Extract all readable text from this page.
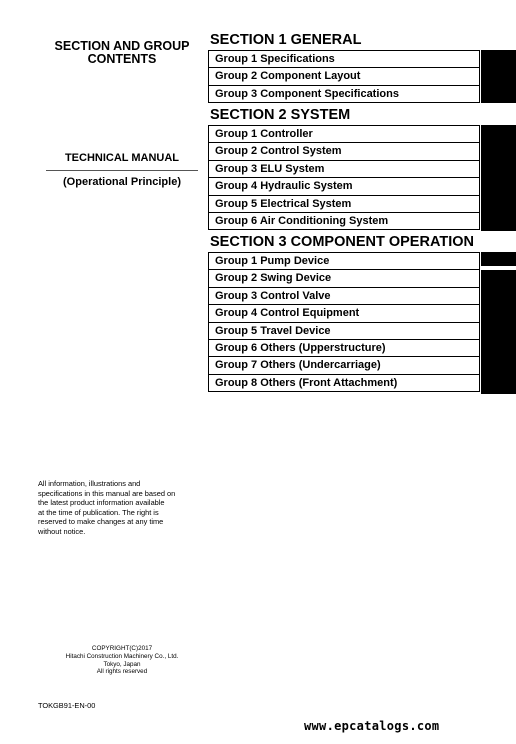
SECTION AND GROUP
CONTENTS
TECHNICAL MANUAL
(Operational Principle)
SECTION 1 GENERAL
Group 1 Specifications
Group 2 Component Layout
Group 3 Component Specifications
SECTION 2 SYSTEM
Group 1 Controller
Group 2 Control System
Group 3 ELU System
Group 4 Hydraulic System
Group 5 Electrical System
Group 6 Air Conditioning System
SECTION 3 COMPONENT OPERATION
Group 1 Pump Device
Group 2 Swing Device
Group 3 Control Valve
Group 4 Control Equipment
Group 5 Travel Device
Group 6 Others (Upperstructure)
Group 7 Others (Undercarriage)
Group 8 Others (Front Attachment)
All information, illustrations and
specifications in this manual are based on
the latest product information available
at the time of publication. The right is
reserved to make changes at any time
without notice.
COPYRIGHT(C)2017
Hitachi Construction Machinery Co., Ltd.
Tokyo, Japan
All rights reserved
TOKGB91-EN-00
www.epcatalogs.com
